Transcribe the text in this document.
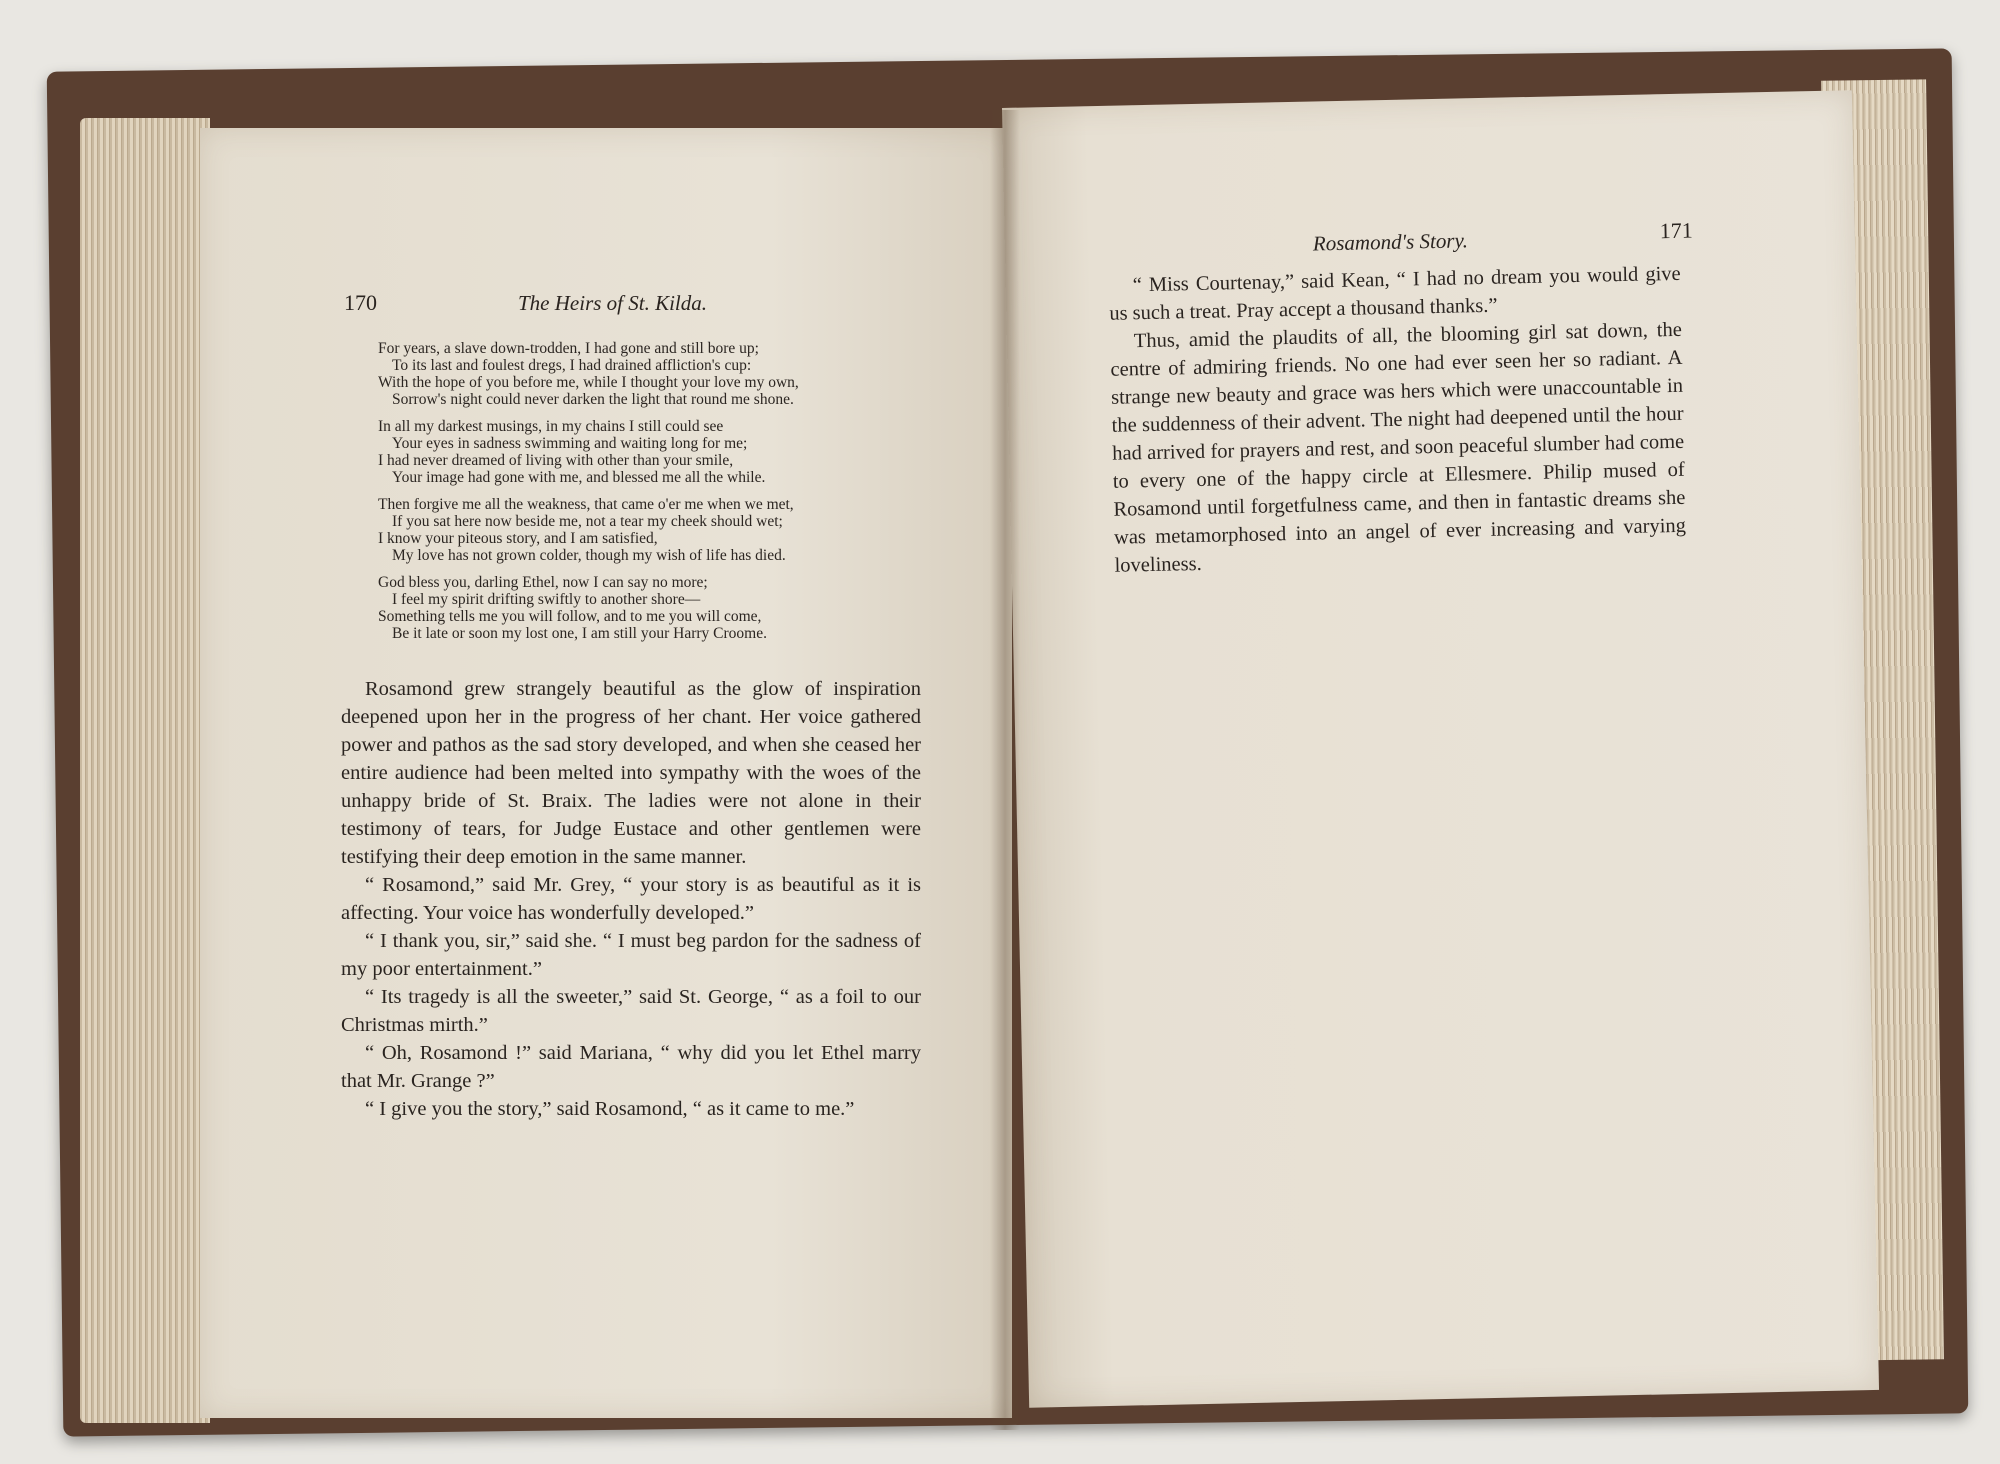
Rosamond's Story.	171

“ Miss Courtenay,” said Kean, “ I had no dream you would give us such a treat. Pray accept a thousand thanks.”

Thus, amid the plaudits of all, the blooming girl sat down, the centre of admiring friends. No one had ever seen her so radiant. A strange new beauty and grace was hers which were unaccountable in the suddenness of their advent. The night had deepened until the hour had arrived for prayers and rest, and soon peaceful slumber had come to every one of the happy circle at Ellesmere. Philip mused of Rosamond until forgetfulness came, and then in fantastic dreams she was metamorphosed into an angel of ever increasing and varying loveliness.

170	The Heirs of St. Kilda.
For years, a slave down-trodden, I had gone and still bore up;
To its last and foulest dregs, I had drained affliction's cup:
With the hope of you before me, while I thought your love my own,
Sorrow's night could never darken the light that round me shone.
In all my darkest musings, in my chains I still could see
Your eyes in sadness swimming and waiting long for me;
I had never dreamed of living with other than your smile,
Your image had gone with me, and blessed me all the while.
Then forgive me all the weakness, that came o'er me when we met,
If you sat here now beside me, not a tear my cheek should wet;
I know your piteous story, and I am satisfied,
My love has not grown colder, though my wish of life has died.
God bless you, darling Ethel, now I can say no more;
I feel my spirit drifting swiftly to another shore—
Something tells me you will follow, and to me you will come,
Be it late or soon my lost one, I am still your Harry Croome.

Rosamond grew strangely beautiful as the glow of inspiration deepened upon her in the progress of her chant. Her voice gathered power and pathos as the sad story developed, and when she ceased her entire audience had been melted into sympathy with the woes of the unhappy bride of St. Braix. The ladies were not alone in their testimony of tears, for Judge Eustace and other gentlemen were testifying their deep emotion in the same manner.

“ Rosamond,” said Mr. Grey, “ your story is as beautiful as it is affecting. Your voice has wonderfully developed.”

“ I thank you, sir,” said she. “ I must beg pardon for the sadness of my poor entertainment.”

“ Its tragedy is all the sweeter,” said St. George, “ as a foil to our Christmas mirth.”

“ Oh, Rosamond !” said Mariana, “ why did you let Ethel marry that Mr. Grange ?”

“ I give you the story,” said Rosamond, “ as it came to me.”
